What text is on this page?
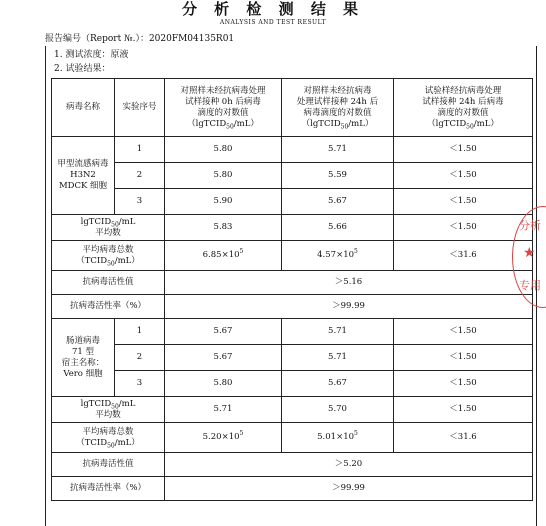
分 析 检 测 结 果
ANALYSIS AND TEST RESULT
报告编号（Report №.）：2020FM04135R01
1. 测试浓度：原液
2. 试验结果：
病毒名称	实验序号	对照样未经抗病毒处理
试样接种 0h 后病毒
滴度的对数值
（lgTCID$_{50}$/mL）	对照样未经抗病毒
处理试样接种 24h 后
病毒滴度的对数值
（lgTCID$_{50}$/mL）	试验样经抗病毒处理
试样接种 24h 后病毒
滴度的对数值
（lgTCID$_{50}$/mL）
甲型流感病毒
H3N2
MDCK 细胞	1	5.80	5.71	＜1.50
	2	5.80	5.59	＜1.50
	3	5.90	5.67	＜1.50
lgTCID$_{50}$/mL
平均数		5.83	5.66	＜1.50
平均病毒总数
$(TCID_{50}/mL)$		$6.85\times 10^5$	$4.57\times 10^5$	＜31.6
抗病毒活性值		＞5.16		
抗病毒活性率（%）		＞99.99		
肠道病毒
71 型
宿主名称：
Vero 细胞	1	5.67	5.71	＜1.50
	2	5.67	5.71	＜1.50
	3	5.80	5.67	＜1.50
lgTCID$_{50}$/mL
平均数		5.71	5.70	＜1.50
平均病毒总数
$(TCID_{50}/mL)$		$5.20\times 10^5$	$5.01\times 10^5$	＜31.6
抗病毒活性值		＞5.20		
抗病毒活性率（%）		＞99.99		
分析
★
专用
